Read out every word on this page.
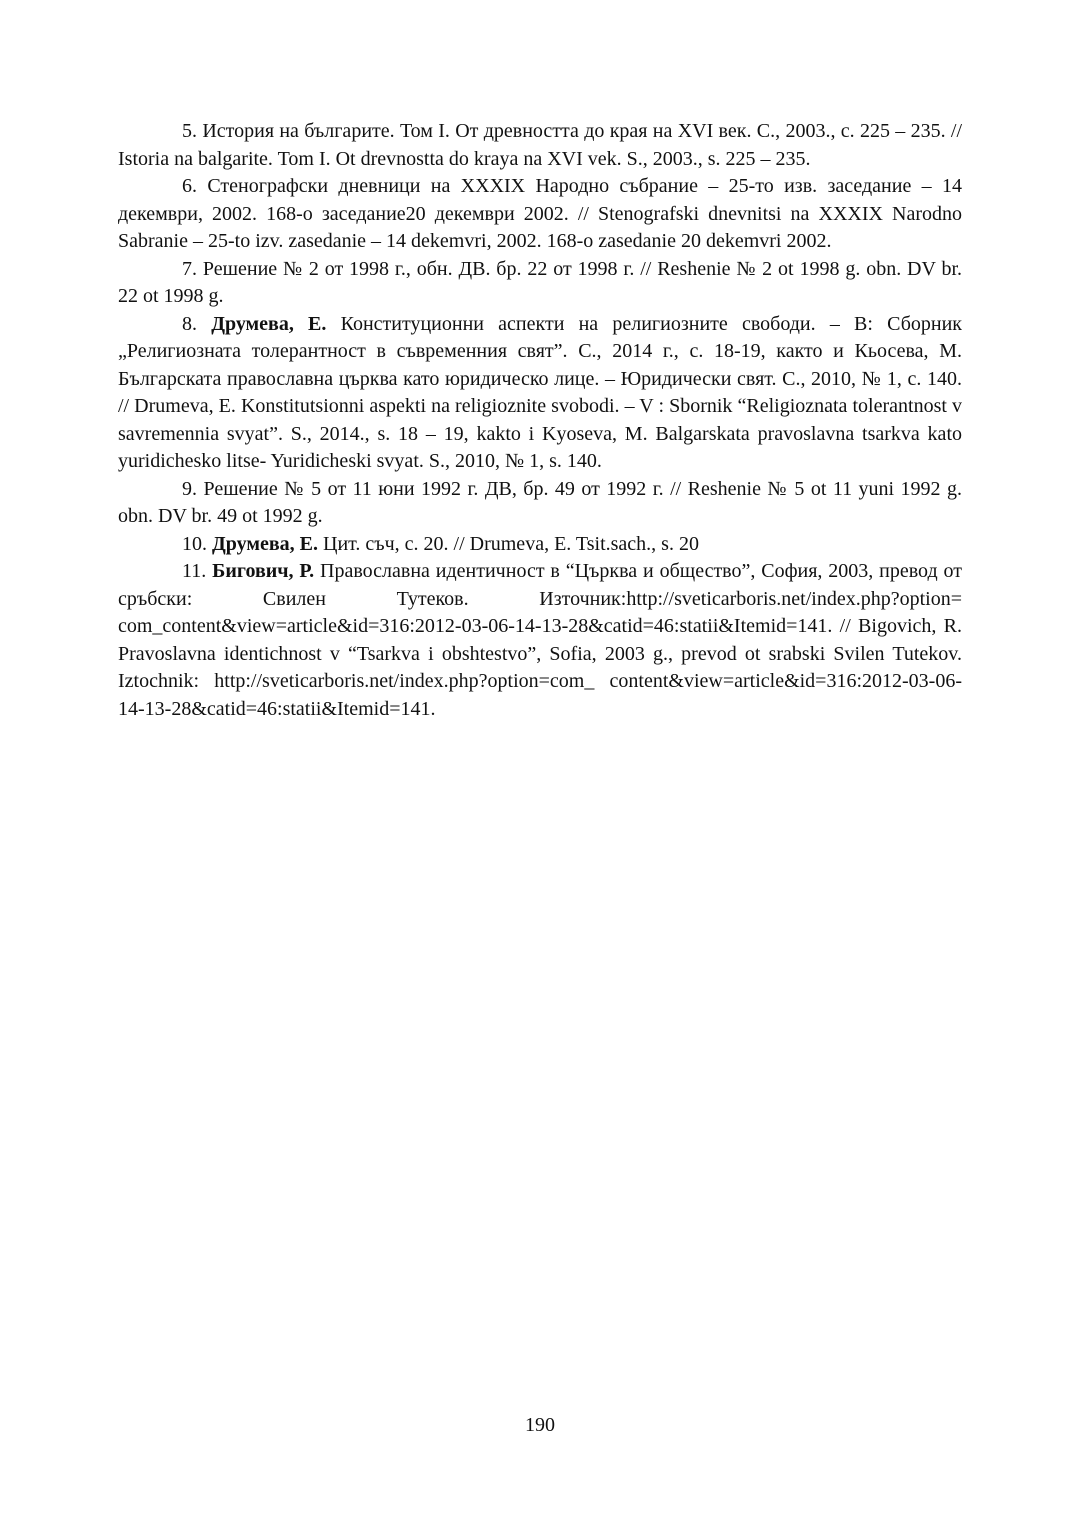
5. История на българите. Том I. От древността до края на XVI век. С., 2003., с. 225 – 235. // Istoria na balgarite. Tom I. Ot drevnostta do kraya na XVI vek. S., 2003., s. 225 – 235.

6. Стенографски дневници на XXXIX Народно събрание – 25-то изв. заседание – 14 декември, 2002. 168-о заседание20 декември 2002. // Stenografski dnevnitsi na XXXIX Narodno Sabranie – 25-to izv. zasedanie – 14 dekemvri, 2002. 168-o zasedanie 20 dekemvri 2002.

7. Решение № 2 от 1998 г., обн. ДВ. бр. 22 от 1998 г. // Reshenie № 2 ot 1998 g. obn. DV br. 22 ot 1998 g.

8. Друмева, Е. Конституционни аспекти на религиозните свободи. – В: Сборник „Религиозната толерантност в съвременния свят”. С., 2014 г., с. 18-19, както и Кьосева, М. Българската православна църква като юридическо лице. – Юридически свят. С., 2010, № 1, с. 140. // Drumeva, E. Konstitutsionni aspekti na religioznite svobodi. – V : Sbornik “Religioznata tolerantnost v savremennia svyat”. S., 2014., s. 18 – 19, kakto i Kyoseva, M. Balgarskata pravoslavna tsarkva kato yuridichesko litse- Yuridicheski svyat. S., 2010, № 1, s. 140.

9. Решение № 5 от 11 юни 1992 г. ДВ, бр. 49 от 1992 г. // Reshenie № 5 ot 11 yuni 1992 g. obn. DV br. 49 ot 1992 g.

10. Друмева, Е. Цит. съч, с. 20. // Drumeva, E. Tsit.sach., s. 20

11. Бигович, Р. Православна идентичност в “Църква и общество”, София, 2003, превод от сръбски: Свилен Тутеков. Източник:http://sveticarboris.net/index.php?option= com_content&view=article&id=316:2012-03-06-14-13-28&catid=46:statii&Itemid=141. // Bigovich, R. Pravoslavna identichnost v “Tsarkva i obshtestvo”, Sofia, 2003 g., prevod ot srabski Svilen Tutekov. Iztochnik: http://sveticarboris.net/index.php?option=com_ content&view=article&id=316:2012-03-06-14-13-28&catid=46:statii&Itemid=141.

190
